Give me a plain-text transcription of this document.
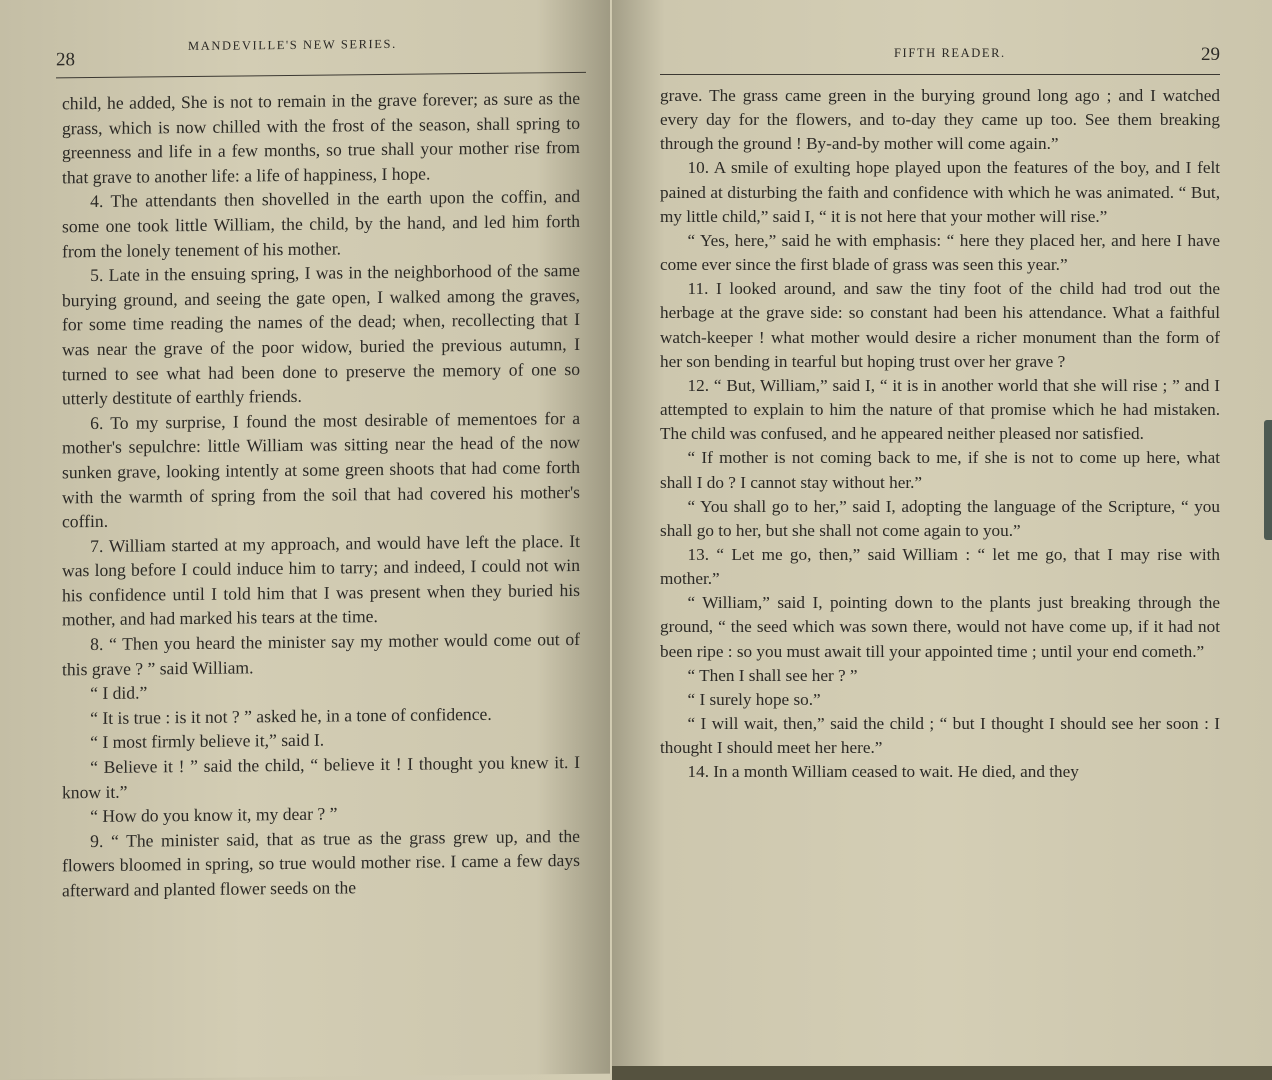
28
MANDEVILLE'S NEW SERIES.

child, he added, She is not to remain in the grave forever; as sure as the grass, which is now chilled with the frost of the season, shall spring to greenness and life in a few months, so true shall your mother rise from that grave to another life: a life of happiness, I hope.

4. The attendants then shovelled in the earth upon the coffin, and some one took little William, the child, by the hand, and led him forth from the lonely tenement of his mother.

5. Late in the ensuing spring, I was in the neighborhood of the same burying ground, and seeing the gate open, I walked among the graves, for some time reading the names of the dead; when, recollecting that I was near the grave of the poor widow, buried the previous autumn, I turned to see what had been done to preserve the memory of one so utterly destitute of earthly friends.

6. To my surprise, I found the most desirable of mementoes for a mother's sepulchre: little William was sitting near the head of the now sunken grave, looking intently at some green shoots that had come forth with the warmth of spring from the soil that had covered his mother's coffin.

7. William started at my approach, and would have left the place. It was long before I could induce him to tarry; and indeed, I could not win his confidence until I told him that I was present when they buried his mother, and had marked his tears at the time.

8. “ Then you heard the minister say my mother would come out of this grave ? ” said William.

“ I did.”

“ It is true : is it not ? ” asked he, in a tone of confidence.

“ I most firmly believe it,” said I.

“ Believe it ! ” said the child, “ believe it ! I thought you knew it. I know it.”

“ How do you know it, my dear ? ”

9. “ The minister said, that as true as the grass grew up, and the flowers bloomed in spring, so true would mother rise. I came a few days afterward and planted flower seeds on the

FIFTH READER.	29

grave. The grass came green in the burying ground long ago ; and I watched every day for the flowers, and to-day they came up too. See them breaking through the ground ! By-and-by mother will come again.”

10. A smile of exulting hope played upon the features of the boy, and I felt pained at disturbing the faith and confidence with which he was animated. “ But, my little child,” said I, “ it is not here that your mother will rise.”

“ Yes, here,” said he with emphasis: “ here they placed her, and here I have come ever since the first blade of grass was seen this year.”

11. I looked around, and saw the tiny foot of the child had trod out the herbage at the grave side: so constant had been his attendance. What a faithful watch-keeper ! what mother would desire a richer monument than the form of her son bending in tearful but hoping trust over her grave ?

12. “ But, William,” said I, “ it is in another world that she will rise ; ” and I attempted to explain to him the nature of that promise which he had mistaken. The child was confused, and he appeared neither pleased nor satisfied.

“ If mother is not coming back to me, if she is not to come up here, what shall I do ? I cannot stay without her.”

“ You shall go to her,” said I, adopting the language of the Scripture, “ you shall go to her, but she shall not come again to you.”

13. “ Let me go, then,” said William : “ let me go, that I may rise with mother.”

“ William,” said I, pointing down to the plants just breaking through the ground, “ the seed which was sown there, would not have come up, if it had not been ripe : so you must await till your appointed time ; until your end cometh.”

“ Then I shall see her ? ”

“ I surely hope so.”

“ I will wait, then,” said the child ; “ but I thought I should see her soon : I thought I should meet her here.”

14. In a month William ceased to wait. He died, and they
